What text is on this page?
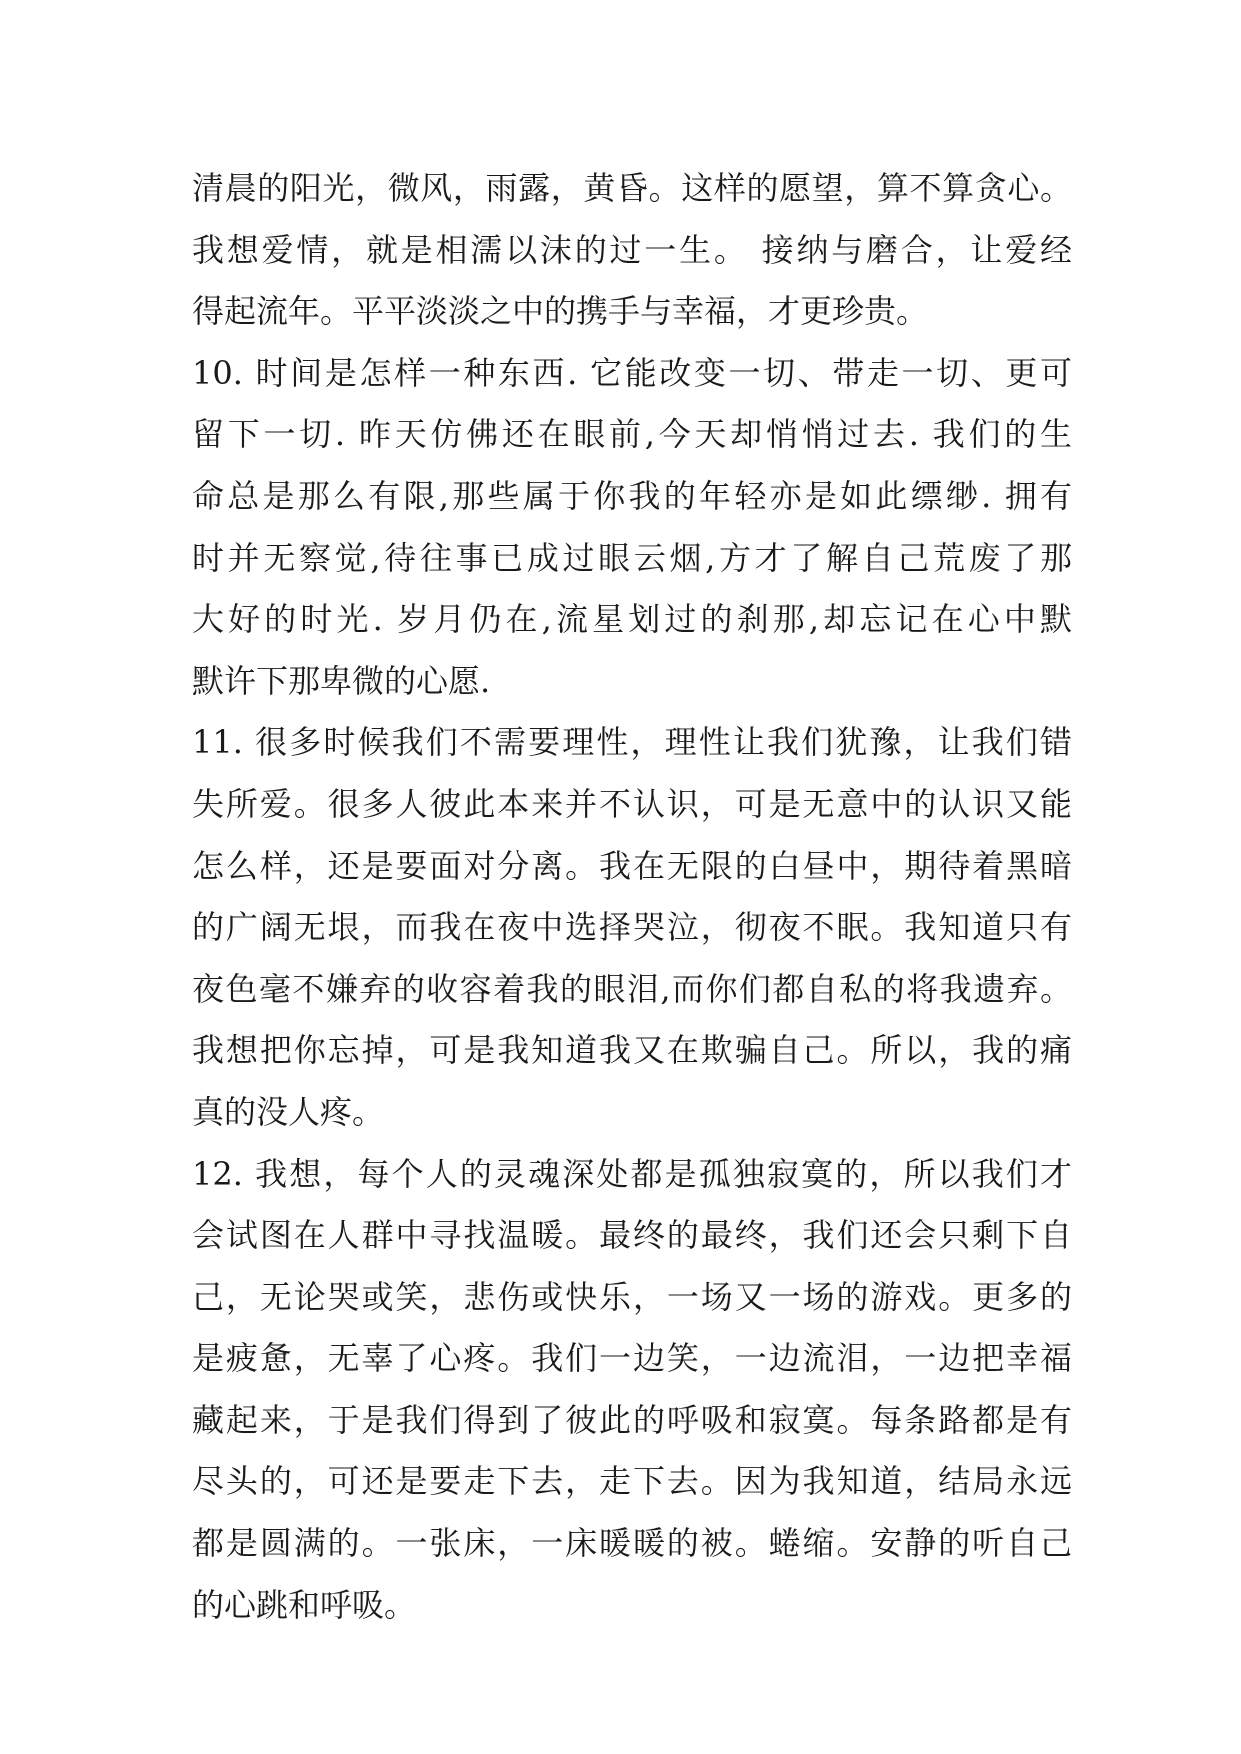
清晨的阳光，微风，雨露，黄昏。这样的愿望，算不算贪心。
我想爱情，就是相濡以沫的过一生。 接纳与磨合，让爱经
得起流年。平平淡淡之中的携手与幸福，才更珍贵。
10. 时间是怎样一种东西. 它能改变一切、带走一切、更可
留下一切. 昨天仿佛还在眼前,今天却悄悄过去. 我们的生
命总是那么有限,那些属于你我的年轻亦是如此缥缈. 拥有
时并无察觉,待往事已成过眼云烟,方才了解自己荒废了那
大好的时光. 岁月仍在,流星划过的刹那,却忘记在心中默
默许下那卑微的心愿.
11. 很多时候我们不需要理性，理性让我们犹豫，让我们错
失所爱。很多人彼此本来并不认识，可是无意中的认识又能
怎么样，还是要面对分离。我在无限的白昼中，期待着黑暗
的广阔无垠，而我在夜中选择哭泣，彻夜不眠。我知道只有
夜色毫不嫌弃的收容着我的眼泪,而你们都自私的将我遗弃。
我想把你忘掉，可是我知道我又在欺骗自己。所以，我的痛
真的没人疼。
12. 我想，每个人的灵魂深处都是孤独寂寞的，所以我们才
会试图在人群中寻找温暖。最终的最终，我们还会只剩下自
己，无论哭或笑，悲伤或快乐，一场又一场的游戏。更多的
是疲惫，无辜了心疼。我们一边笑，一边流泪，一边把幸福
藏起来，于是我们得到了彼此的呼吸和寂寞。每条路都是有
尽头的，可还是要走下去，走下去。因为我知道，结局永远
都是圆满的。一张床，一床暖暖的被。蜷缩。安静的听自己
的心跳和呼吸。
